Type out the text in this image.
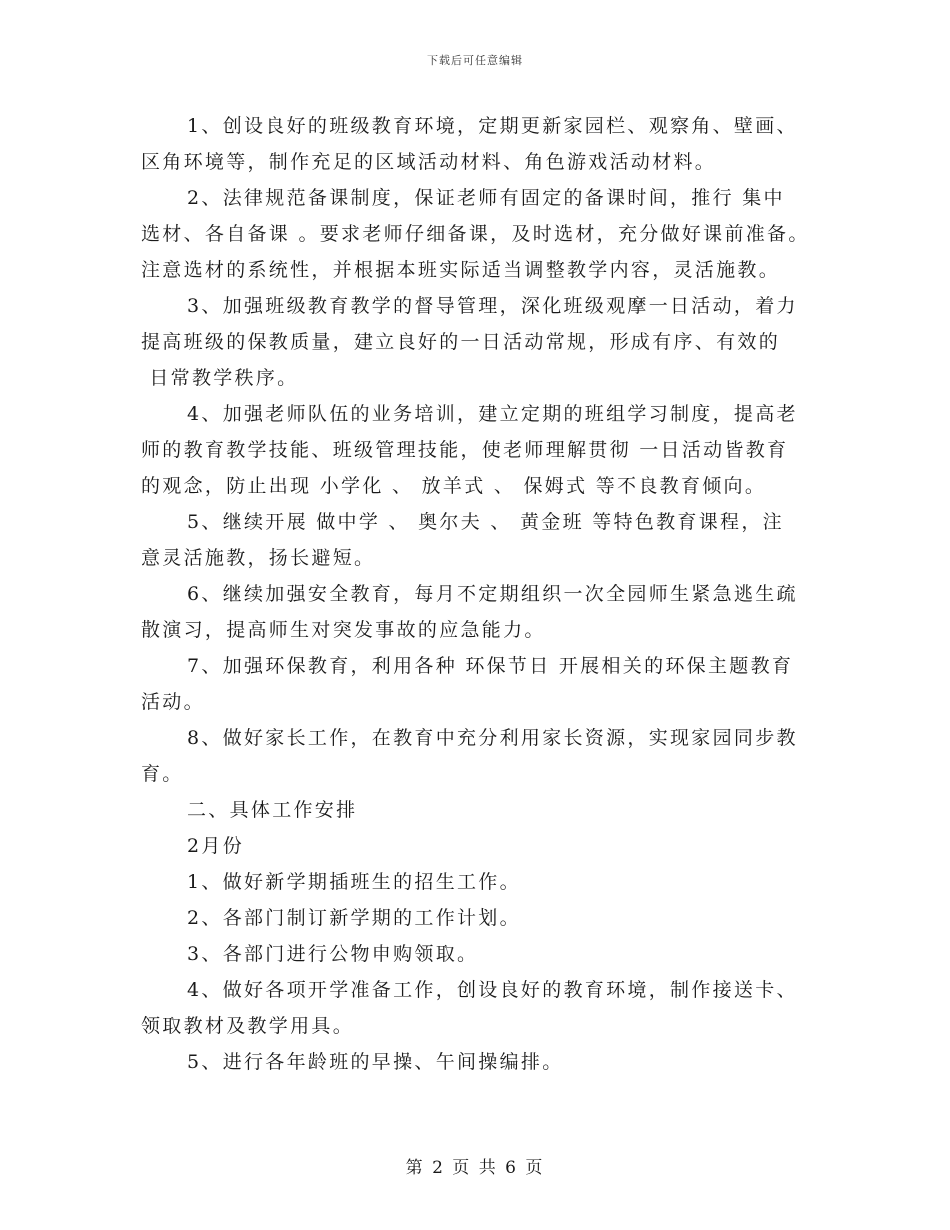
下载后可任意编辑
1、创设良好的班级教育环境，定期更新家园栏、观察角、壁画、
区角环境等，制作充足的区域活动材料、角色游戏活动材料。
2、法律规范备课制度，保证老师有固定的备课时间，推行 集中
选材、各自备课 。要求老师仔细备课，及时选材，充分做好课前准备。
注意选材的系统性，并根据本班实际适当调整教学内容，灵活施教。
3、加强班级教育教学的督导管理，深化班级观摩一日活动，着力
提高班级的保教质量，建立良好的一日活动常规，形成有序、有效的
日常教学秩序。
4、加强老师队伍的业务培训，建立定期的班组学习制度，提高老
师的教育教学技能、班级管理技能，使老师理解贯彻 一日活动皆教育
的观念，防止出现 小学化 、 放羊式 、 保姆式 等不良教育倾向。
5、继续开展 做中学 、 奥尔夫 、 黄金班 等特色教育课程，注
意灵活施教，扬长避短。
6、继续加强安全教育，每月不定期组织一次全园师生紧急逃生疏
散演习，提高师生对突发事故的应急能力。
7、加强环保教育，利用各种 环保节日 开展相关的环保主题教育
活动。
8、做好家长工作，在教育中充分利用家长资源，实现家园同步教
育。
二、具体工作安排
2月份
1、做好新学期插班生的招生工作。
2、各部门制订新学期的工作计划。
3、各部门进行公物申购领取。
4、做好各项开学准备工作，创设良好的教育环境，制作接送卡、
领取教材及教学用具。
5、进行各年龄班的早操、午间操编排。
第 2 页 共 6 页
